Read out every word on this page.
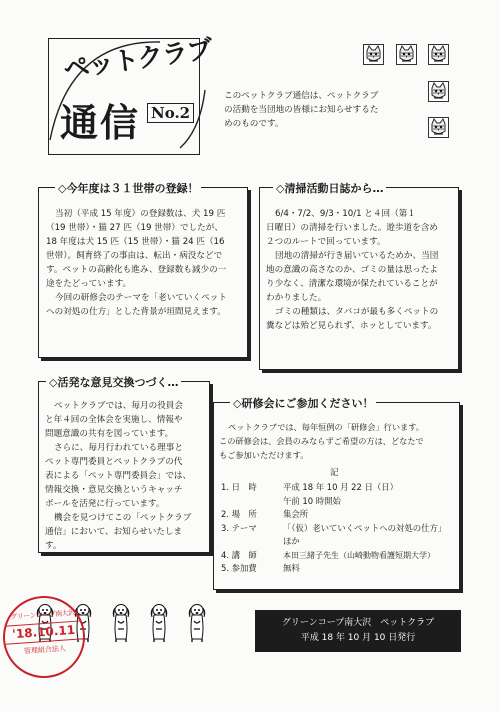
ペットクラブ
通信 No.2

このペットクラブ通信は、ペットクラブ

の活動を当団地の皆様にお知らせするた

めのものです。

◇今年度は３１世帯の登録！

当初（平成 15 年度）の登録数は、犬 19 匹

（19 世帯）・猫 27 匹（19 世帯）でしたが、

18 年度は犬 15 匹（15 世帯）・猫 24 匹（16

世帯）。飼育終了の事由は、転出・病没などで

す。ペットの高齢化も進み、登録数も減少の一

途をたどっています。

今回の研修会のテーマを「老いていくペット

への対処の仕方」とした背景が垣間見えます。

◇清掃活動日誌から…

6/4・7/2、9/3・10/1 と４回（第１

日曜日）の清掃を行いました。遊歩道を含め

２つのルートで回っています。

団地の清掃が行き届いているためか、当団

地の意識の高さなのか、ゴミの量は思ったよ

り少なく、清潔な環境が保たれていることが

わかりました。

ゴミの種類は、タバコが最も多くペットの

糞などは殆ど見られず、ホッとしています。

◇活発な意見交換つづく…

ペットクラブでは、毎月の役員会

と年４回の全体会を実施し、情報や

問題意識の共有を図っています。

さらに、毎月行われている理事と

ペット専門委員とペットクラブの代

表による「ペット専門委員会」では、

情報交換・意見交換というキャッチ

ボールを活発に行っています。

機会を見つけてこの「ペットクラブ

通信」において、お知らせいたしま

す。

◇研修会にご参加ください！

ペットクラブでは、毎年恒例の「研修会」行います。

この研修会は、会員のみならずご希望の方は、どなたで

もご参加いただけます。

記
1. 日　時	平成 18 年 10 月 22 日（日）

午前 10 時開始
2. 場　所	集会所
3. テーマ	「（仮）老いていくペットへの対処の仕方」

ほか
4. 講　師	本田三緒子先生（山崎動物看護短期大学）
5. 参加費	無料
グリーンコープ南大沢　ペットクラブ
平成 18 年 10 月 10 日発行
グリーンコープ南大沢
'18.10.11
管理組合法人
